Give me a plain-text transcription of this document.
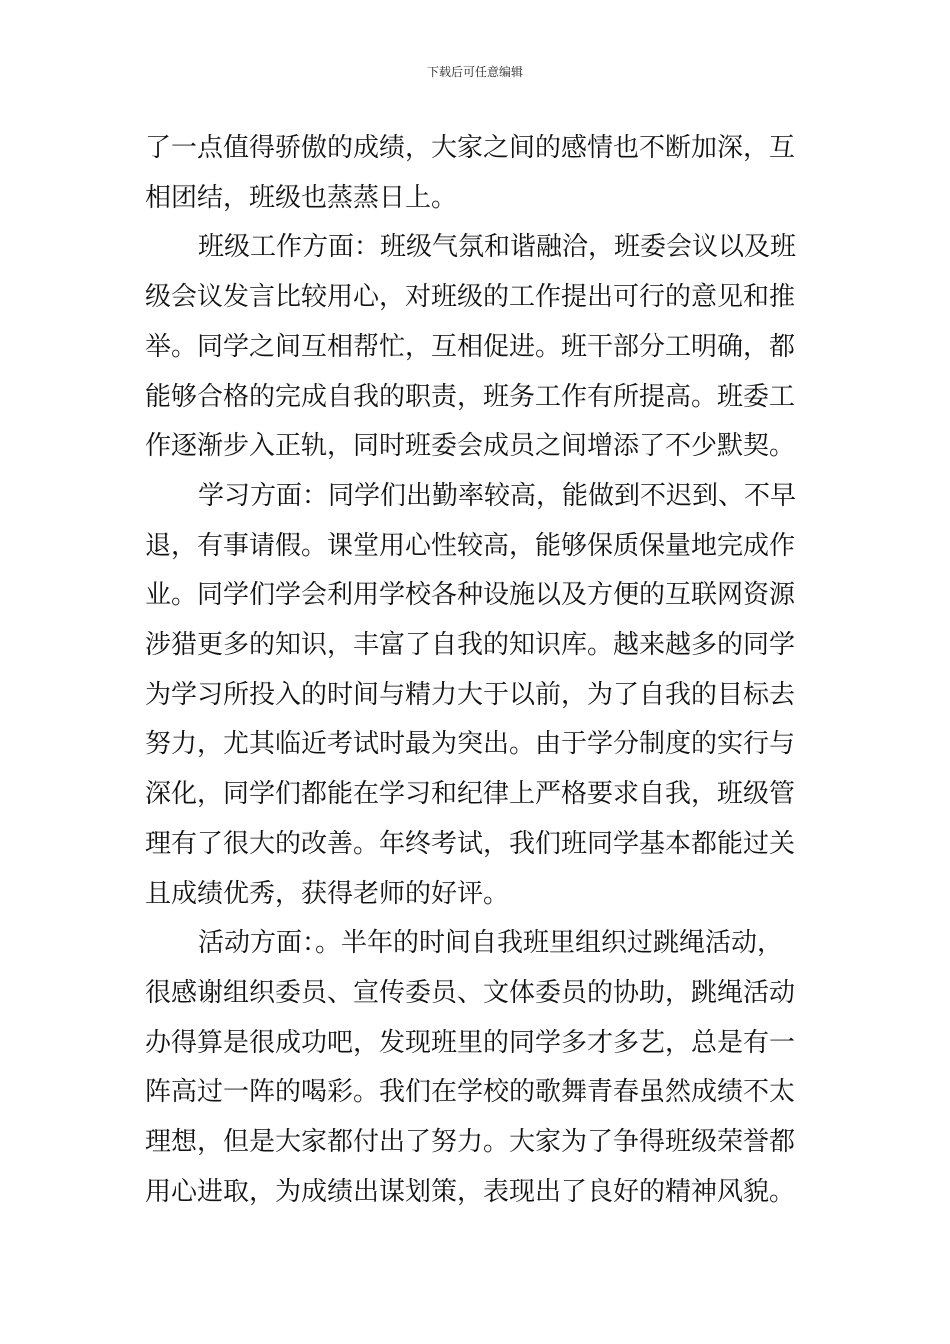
下载后可任意编辑

了一点值得骄傲的成绩，大家之间的感情也不断加深，互
相团结，班级也蒸蒸日上。

班级工作方面：班级气氛和谐融洽，班委会议以及班
级会议发言比较用心，对班级的工作提出可行的意见和推
举。同学之间互相帮忙，互相促进。班干部分工明确，都
能够合格的完成自我的职责，班务工作有所提高。班委工
作逐渐步入正轨，同时班委会成员之间增添了不少默契。

学习方面：同学们出勤率较高，能做到不迟到、不早
退，有事请假。课堂用心性较高，能够保质保量地完成作
业。同学们学会利用学校各种设施以及方便的互联网资源
涉猎更多的知识，丰富了自我的知识库。越来越多的同学
为学习所投入的时间与精力大于以前，为了自我的目标去
努力，尤其临近考试时最为突出。由于学分制度的实行与
深化，同学们都能在学习和纪律上严格要求自我，班级管
理有了很大的改善。年终考试，我们班同学基本都能过关
且成绩优秀，获得老师的好评。

活动方面：。半年的时间自我班里组织过跳绳活动，
很感谢组织委员、宣传委员、文体委员的协助，跳绳活动
办得算是很成功吧，发现班里的同学多才多艺，总是有一
阵高过一阵的喝彩。我们在学校的歌舞青春虽然成绩不太
理想，但是大家都付出了努力。大家为了争得班级荣誉都
用心进取，为成绩出谋划策，表现出了良好的精神风貌。
